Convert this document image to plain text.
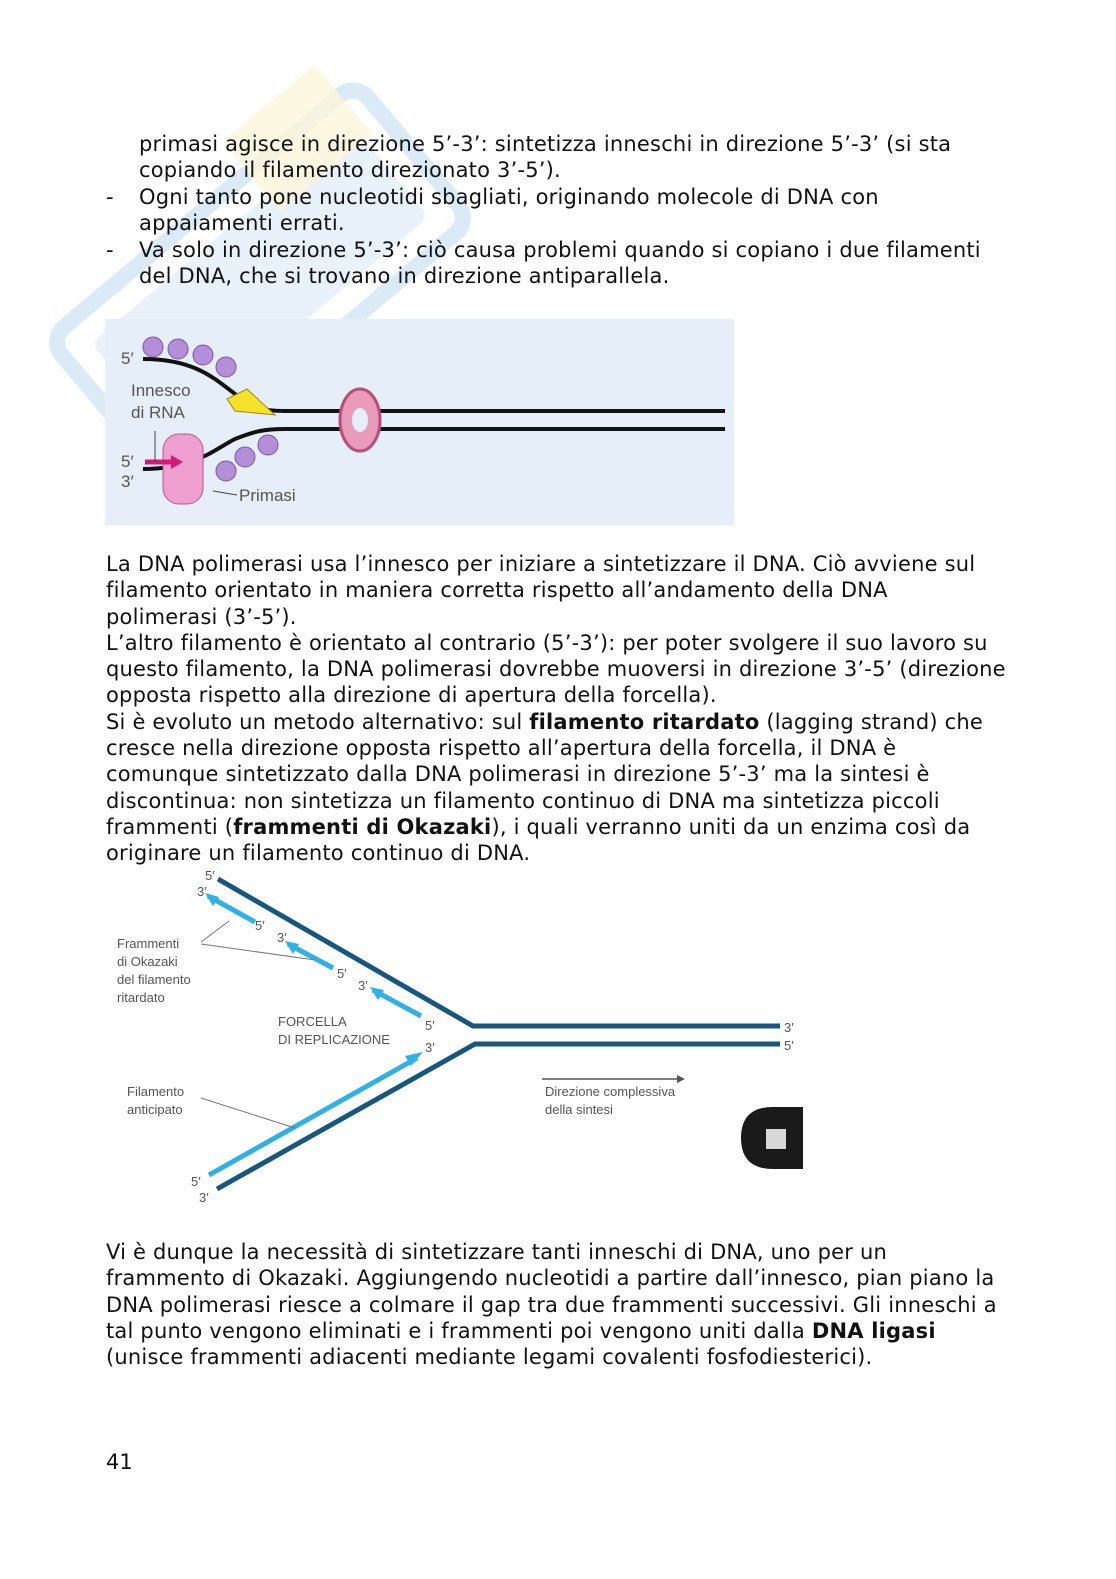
primasi agisce in direzione 5’-3’: sintetizza inneschi in direzione 5’-3’ (si sta copiando il filamento direzionato 3’-5’).
- Ogni tanto pone nucleotidi sbagliati, originando molecole di DNA con appaiamenti errati.
- Va solo in direzione 5’-3’: ciò causa problemi quando si copiano i due filamenti del DNA, che si trovano in direzione antiparallela.
5′
Innesco
di RNA
5′
3′
Primasi

La DNA polimerasi usa l’innesco per iniziare a sintetizzare il DNA. Ciò avviene sul filamento orientato in maniera corretta rispetto all’andamento della DNA polimerasi (3’-5’).

L’altro filamento è orientato al contrario (5’-3’): per poter svolgere il suo lavoro su questo filamento, la DNA polimerasi dovrebbe muoversi in direzione 3’-5’ (direzione opposta rispetto alla direzione di apertura della forcella).

Si è evoluto un metodo alternativo: sul filamento ritardato (lagging strand) che cresce nella direzione opposta rispetto all’apertura della forcella, il DNA è comunque sintetizzato dalla DNA polimerasi in direzione 5’-3’ ma la sintesi è discontinua: non sintetizza un filamento continuo di DNA ma sintetizza piccoli frammenti (frammenti di Okazaki), i quali verranno uniti da un enzima così da originare un filamento continuo di DNA.

5′
3′
5′
3′
5′
3′
5′
3′
3′
5′
5′
3′
Frammenti
di Okazaki
del filamento
ritardato
FORCELLA
DI REPLICAZIONE
Filamento
anticipato
Direzione complessiva
della sintesi
Vi è dunque la necessità di sintetizzare tanti inneschi di DNA, uno per un frammento di Okazaki. Aggiungendo nucleotidi a partire dall’innesco, pian piano la DNA polimerasi riesce a colmare il gap tra due frammenti successivi. Gli inneschi a tal punto vengono eliminati e i frammenti poi vengono uniti dalla DNA ligasi (unisce frammenti adiacenti mediante legami covalenti fosfodiesterici).
41
